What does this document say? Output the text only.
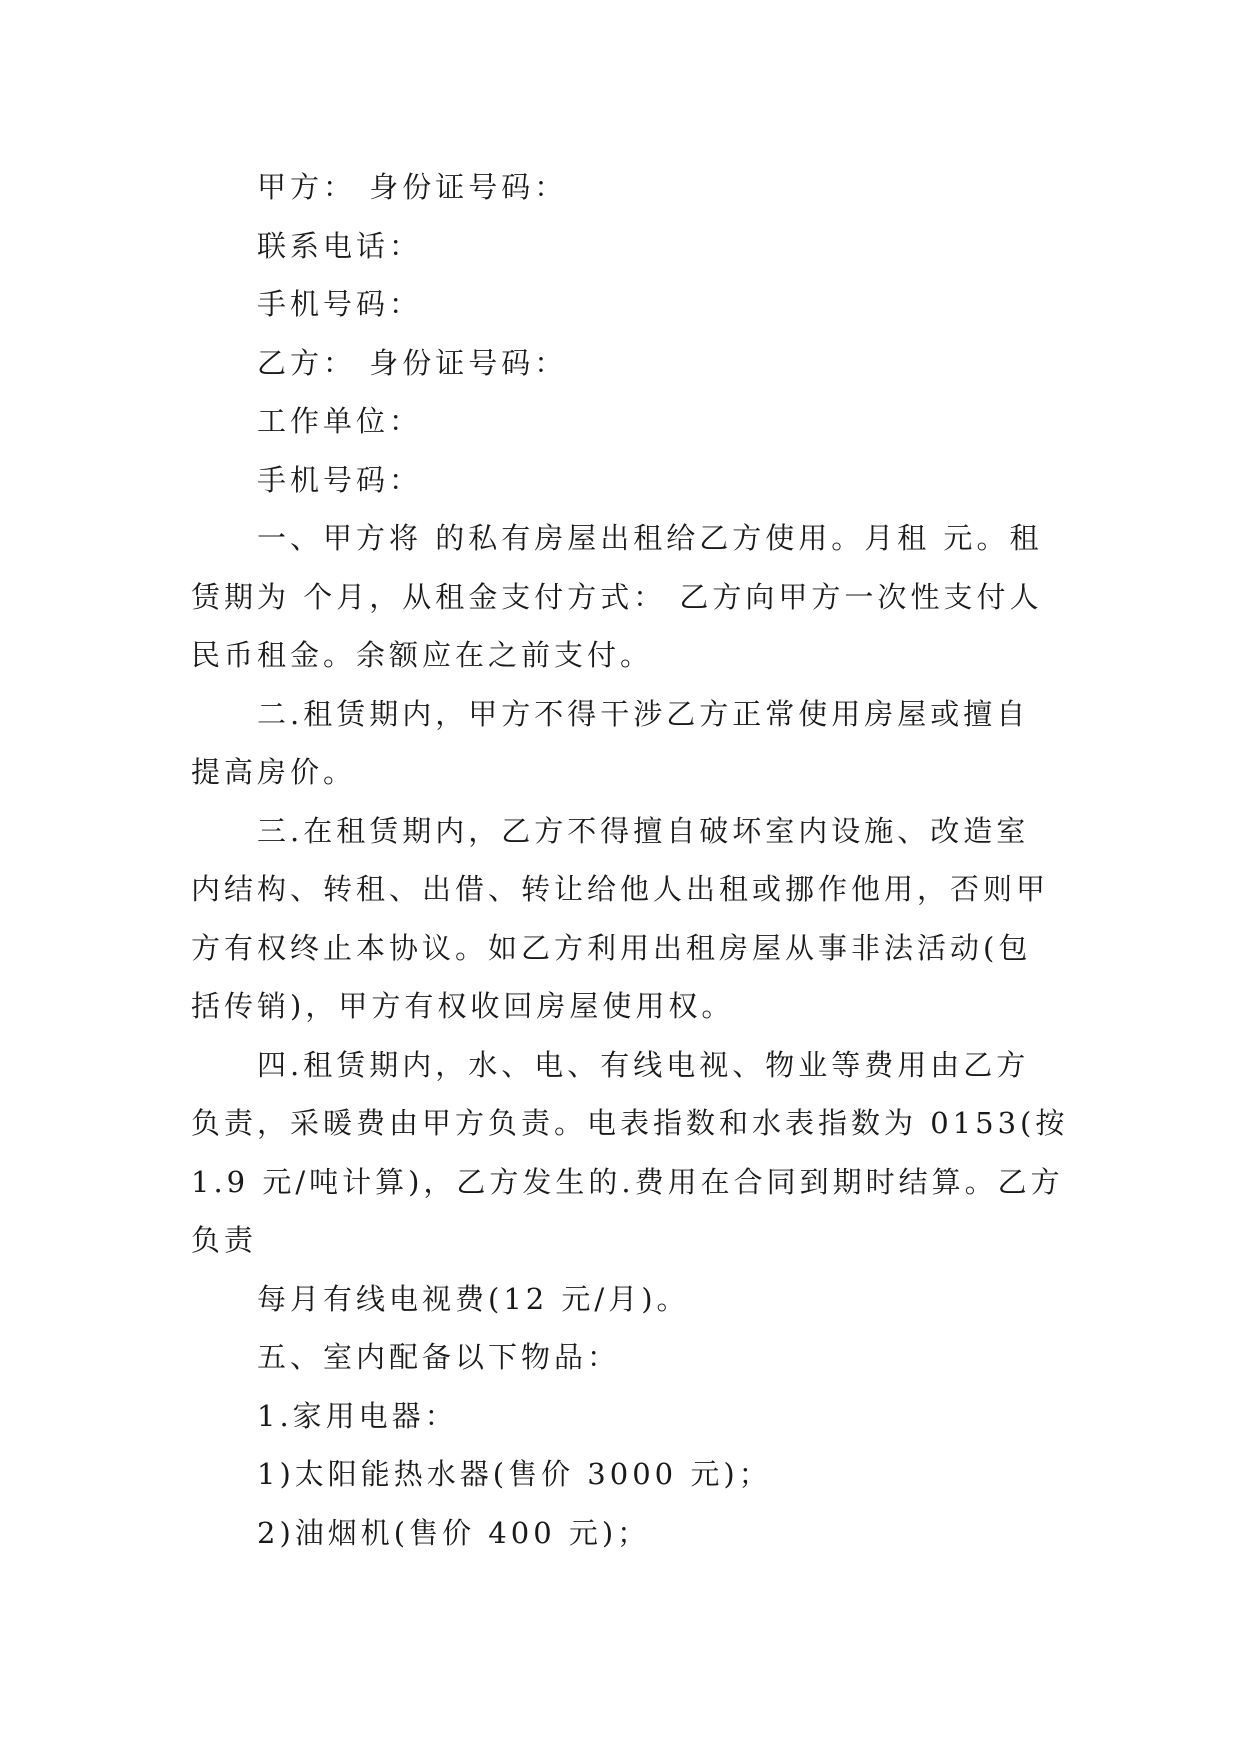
甲方： 身份证号码：
联系电话：
手机号码：
乙方： 身份证号码：
工作单位：
手机号码：
一、甲方将 的私有房屋出租给乙方使用。月租 元。租
赁期为 个月，从租金支付方式： 乙方向甲方一次性支付人
民币租金。余额应在之前支付。
二.租赁期内，甲方不得干涉乙方正常使用房屋或擅自
提高房价。
三.在租赁期内，乙方不得擅自破坏室内设施、改造室
内结构、转租、出借、转让给他人出租或挪作他用，否则甲
方有权终止本协议。如乙方利用出租房屋从事非法活动(包
括传销)，甲方有权收回房屋使用权。
四.租赁期内，水、电、有线电视、物业等费用由乙方
负责，采暖费由甲方负责。电表指数和水表指数为 0153(按
1.9 元/吨计算)，乙方发生的.费用在合同到期时结算。乙方
负责
每月有线电视费(12 元/月)。
五、室内配备以下物品：
1.家用电器：
1)太阳能热水器(售价 3000 元)；
2)油烟机(售价 400 元)；
